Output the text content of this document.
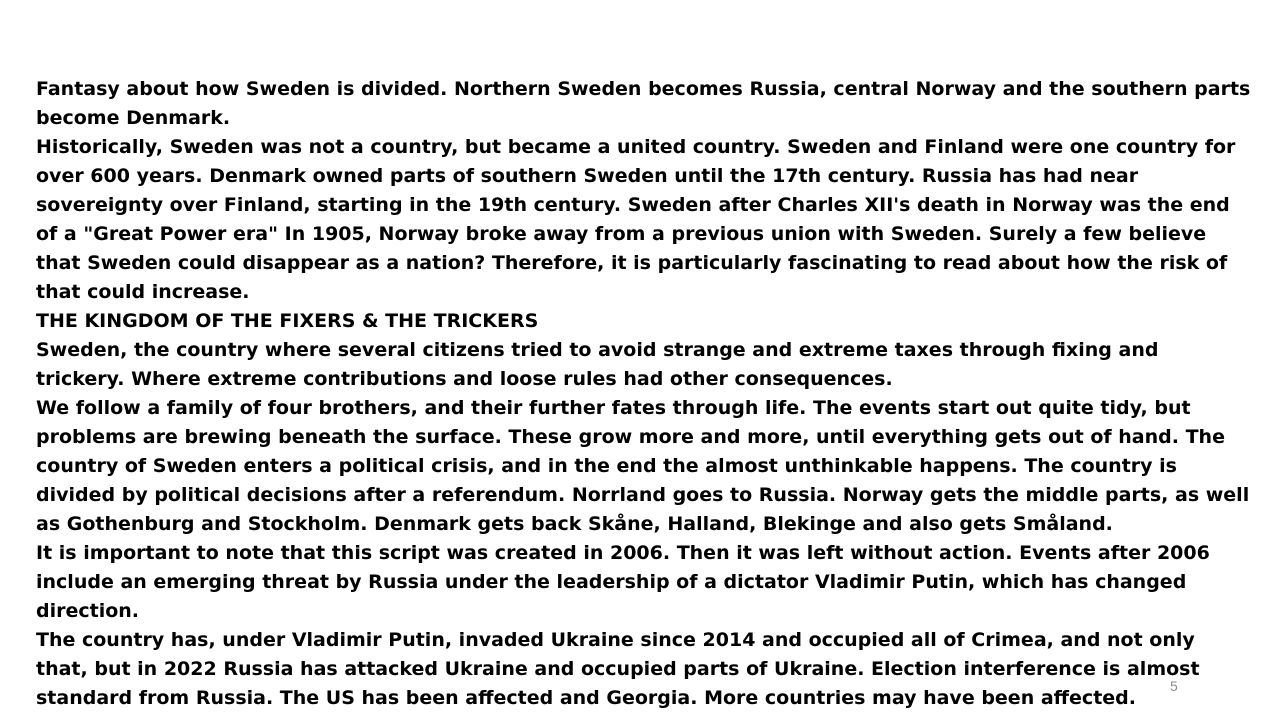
Fantasy about how Sweden is divided. Northern Sweden becomes Russia, central Norway and the southern parts become Denmark.

Historically, Sweden was not a country, but became a united country. Sweden and Finland were one country for over 600 years. Denmark owned parts of southern Sweden until the 17th century. Russia has had near sovereignty over Finland, starting in the 19th century. Sweden after Charles XII's death in Norway was the end of a "Great Power era" In 1905, Norway broke away from a previous union with Sweden. Surely a few believe that Sweden could disappear as a nation? Therefore, it is particularly fascinating to read about how the risk of that could increase.

THE KINGDOM OF THE FIXERS & THE TRICKERS

Sweden, the country where several citizens tried to avoid strange and extreme taxes through fixing and trickery. Where extreme contributions and loose rules had other consequences.

We follow a family of four brothers, and their further fates through life. The events start out quite tidy, but problems are brewing beneath the surface. These grow more and more, until everything gets out of hand. The country of Sweden enters a political crisis, and in the end the almost unthinkable happens. The country is divided by political decisions after a referendum. Norrland goes to Russia. Norway gets the middle parts, as well as Gothenburg and Stockholm. Denmark gets back Skåne, Halland, Blekinge and also gets Småland.

It is important to note that this script was created in 2006. Then it was left without action. Events after 2006 include an emerging threat by Russia under the leadership of a dictator Vladimir Putin, which has changed direction.

The country has, under Vladimir Putin, invaded Ukraine since 2014 and occupied all of Crimea, and not only that, but in 2022 Russia has attacked Ukraine and occupied parts of Ukraine. Election interference is almost standard from Russia. The US has been affected and Georgia. More countries may have been affected.

5
